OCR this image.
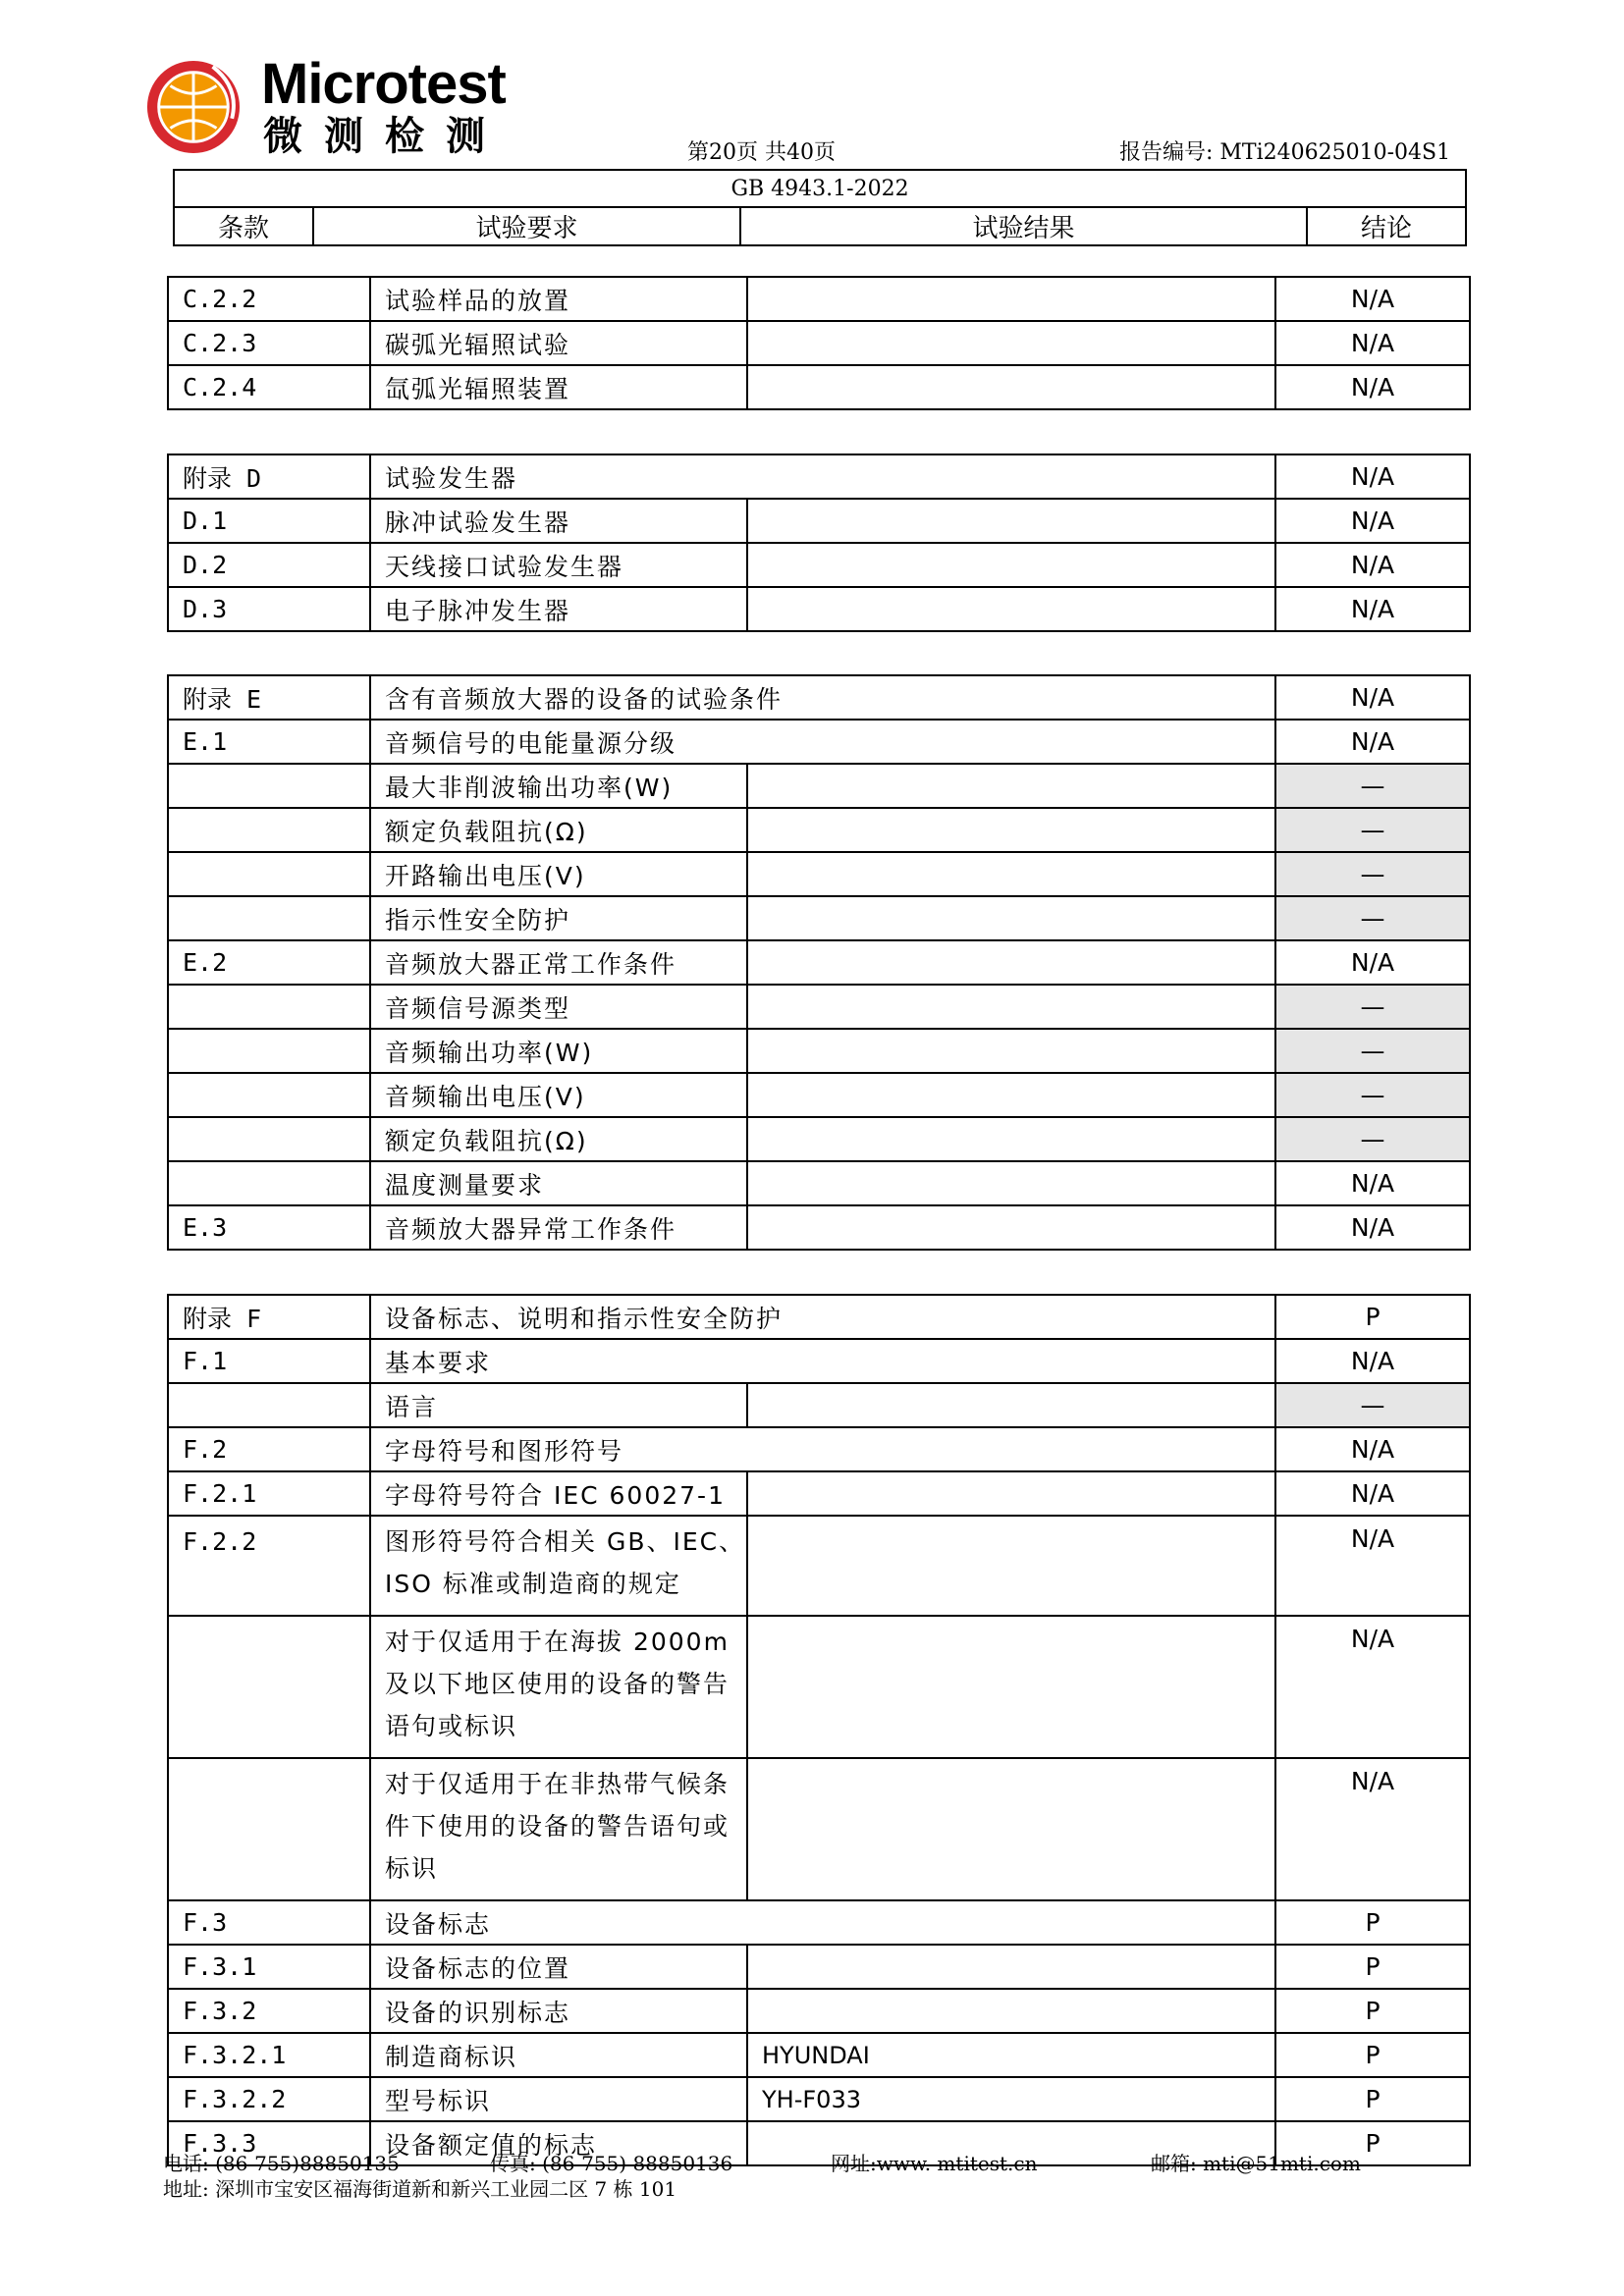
Microtest
微测检测	第20页 共40页	报告编号: MTi240625010-04S1
GB 4943.1-2022
条款	试验要求	试验结果	结论
C.2.2	试验样品的放置		N/A
C.2.3	碳弧光辐照试验		N/A
C.2.4	氙弧光辐照装置		N/A
附录 D	试验发生器		N/A
D.1	脉冲试验发生器		N/A
D.2	天线接口试验发生器		N/A
D.3	电子脉冲发生器		N/A
附录 E	含有音频放大器的设备的试验条件		N/A
E.1	音频信号的电能量源分级		N/A
	最大非削波输出功率(W)		—
	额定负载阻抗(Ω)		—
	开路输出电压(V)		—
	指示性安全防护		—
E.2	音频放大器正常工作条件		N/A
	音频信号源类型		—
	音频输出功率(W)		—
	音频输出电压(V)		—
	额定负载阻抗(Ω)		—
	温度测量要求		N/A
E.3	音频放大器异常工作条件		N/A
附录 F	设备标志、说明和指示性安全防护		P
F.1	基本要求		N/A
	语言		—
F.2	字母符号和图形符号		N/A
F.2.1	字母符号符合 IEC 60027-1		N/A
F.2.2	图形符号符合相关 GB、IEC、ISO 标准或制造商的规定		N/A
	对于仅适用于在海拔 2000m 及以下地区使用的设备的警告语句或标识		N/A
	对于仅适用于在非热带气候条件下使用的设备的警告语句或标识		N/A
F.3	设备标志		P
F.3.1	设备标志的位置		P
F.3.2	设备的识别标志		P
F.3.2.1	制造商标识	HYUNDAI	P
F.3.2.2	型号标识	YH-F033	P
F.3.3	设备额定值的标志		P
电话: (86-755)88850135	传真: (86-755) 88850136	网址:www. mtitest.cn	邮箱: mti@51mti.com
地址: 深圳市宝安区福海街道新和新兴工业园二区 7 栋 101
